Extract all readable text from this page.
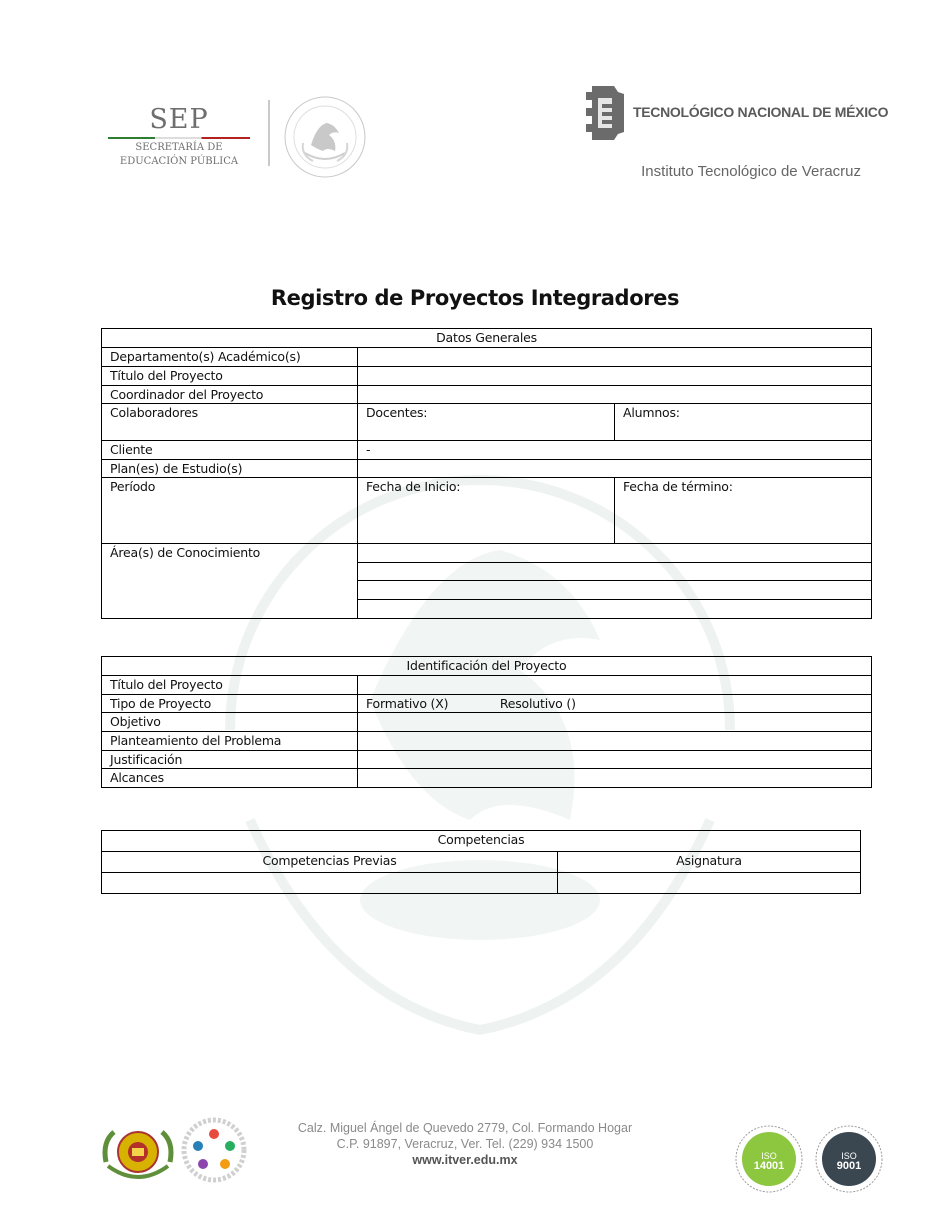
SEP
SECRETARÍA DE
EDUCACIÓN PÚBLICA
TECNOLÓGICO NACIONAL DE MÉXICO
Instituto Tecnológico de Veracruz
Registro de Proyectos Integradores
Datos Generales		
Departamento(s) Académico(s)		
Título del Proyecto		
Coordinador del Proyecto		
Colaboradores	Docentes:	Alumnos:
Cliente	-	
Plan(es) de Estudio(s)		
Período	Fecha de Inicio:	Fecha de término:
Área(s) de Conocimiento		

Identificación del Proyecto	
Título del Proyecto	
Tipo de Proyecto	Formativo (X) Resolutivo ()
Objetivo	
Planteamiento del Problema	
Justificación	
Alcances	
Competencias	
Competencias Previas	Asignatura

Calz. Miguel Ángel de Quevedo 2779, Col. Formando Hogar
C.P. 91897, Veracruz, Ver. Tel. (229) 934 1500
www.itver.edu.mx	ISO
14001
ISO
9001
